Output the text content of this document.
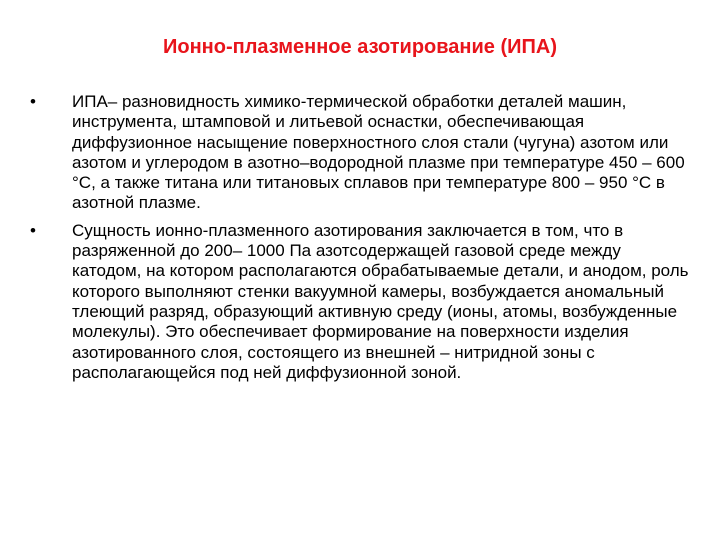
Ионно-плазменное азотирование (ИПА)
•	ИПА– разновидность химико-термической обработки деталей машин, инструмента, штамповой и литьевой оснастки, обеспечивающая диффузионное насыщение поверхностного слоя стали (чугуна) азотом или азотом и углеродом в азотно–водородной плазме при температуре 450 – 600 °С, а также титана или титановых сплавов при температуре 800 – 950 °С в азотной плазме.
•	Сущность ионно-плазменного азотирования заключается в том, что в разряженной до 200– 1000 Па азотсодержащей газовой среде между катодом, на котором располагаются обрабатываемые детали, и анодом, роль которого выполняют стенки вакуумной камеры, возбуждается аномальный тлеющий разряд, образующий активную среду (ионы, атомы, возбужденные молекулы). Это обеспечивает формирование на поверхности изделия азотированного слоя, состоящего из внешней – нитридной зоны с располагающейся под ней диффузионной зоной.
